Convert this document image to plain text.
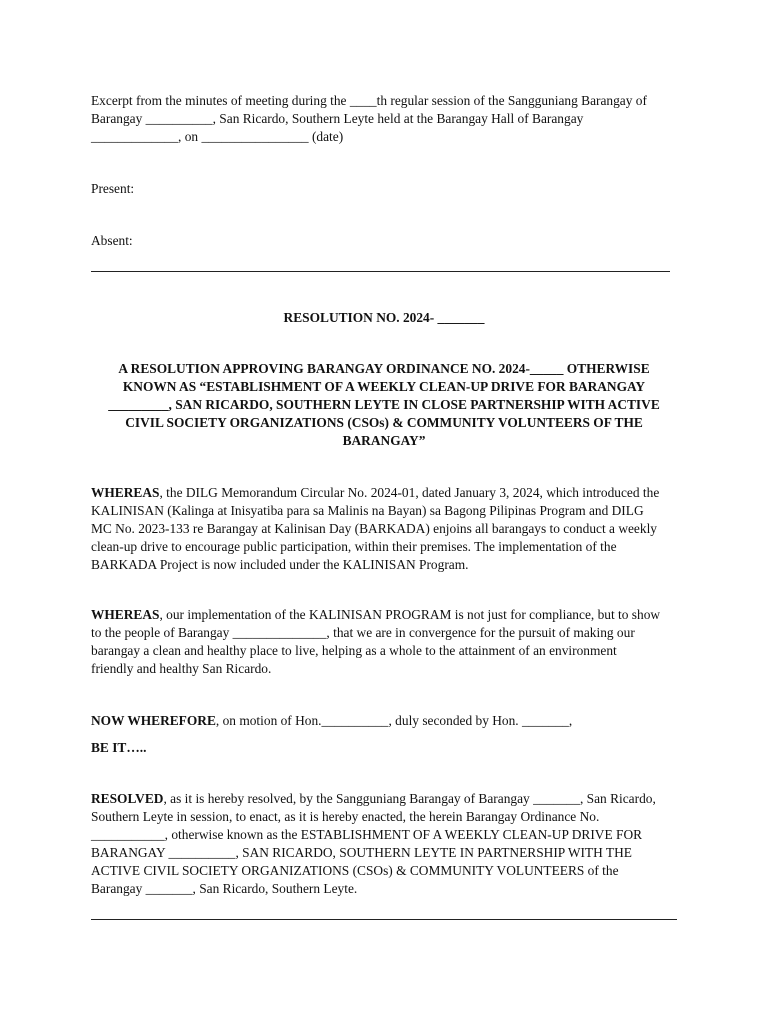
Excerpt from the minutes of meeting during the ____th regular session of the Sangguniang Barangay of
Barangay __________, San Ricardo, Southern Leyte held at the Barangay Hall of Barangay
_____________, on ________________ (date)
Present:
Absent:
RESOLUTION NO. 2024- _______
A RESOLUTION APPROVING BARANGAY ORDINANCE NO. 2024-_____ OTHERWISE
KNOWN AS “ESTABLISHMENT OF A WEEKLY CLEAN-UP DRIVE FOR BARANGAY
_________, SAN RICARDO, SOUTHERN LEYTE IN CLOSE PARTNERSHIP WITH ACTIVE
CIVIL SOCIETY ORGANIZATIONS (CSOs) & COMMUNITY VOLUNTEERS OF THE
BARANGAY”
WHEREAS, the DILG Memorandum Circular No. 2024-01, dated January 3, 2024, which introduced the
KALINISAN (Kalinga at Inisyatiba para sa Malinis na Bayan) sa Bagong Pilipinas Program and DILG
MC No. 2023-133 re Barangay at Kalinisan Day (BARKADA) enjoins all barangays to conduct a weekly
clean-up drive to encourage public participation, within their premises. The implementation of the
BARKADA Project is now included under the KALINISAN Program.
WHEREAS, our implementation of the KALINISAN PROGRAM is not just for compliance, but to show
to the people of Barangay ______________, that we are in convergence for the pursuit of making our
barangay a clean and healthy place to live, helping as a whole to the attainment of an environment
friendly and healthy San Ricardo.
NOW WHEREFORE, on motion of Hon.__________, duly seconded by Hon. _______,
BE IT…..
RESOLVED, as it is hereby resolved, by the Sangguniang Barangay of Barangay _______, San Ricardo,
Southern Leyte in session, to enact, as it is hereby enacted, the herein Barangay Ordinance No.
___________, otherwise known as the ESTABLISHMENT OF A WEEKLY CLEAN-UP DRIVE FOR
BARANGAY __________, SAN RICARDO, SOUTHERN LEYTE IN PARTNERSHIP WITH THE
ACTIVE CIVIL SOCIETY ORGANIZATIONS (CSOs) & COMMUNITY VOLUNTEERS of the
Barangay _______, San Ricardo, Southern Leyte.
